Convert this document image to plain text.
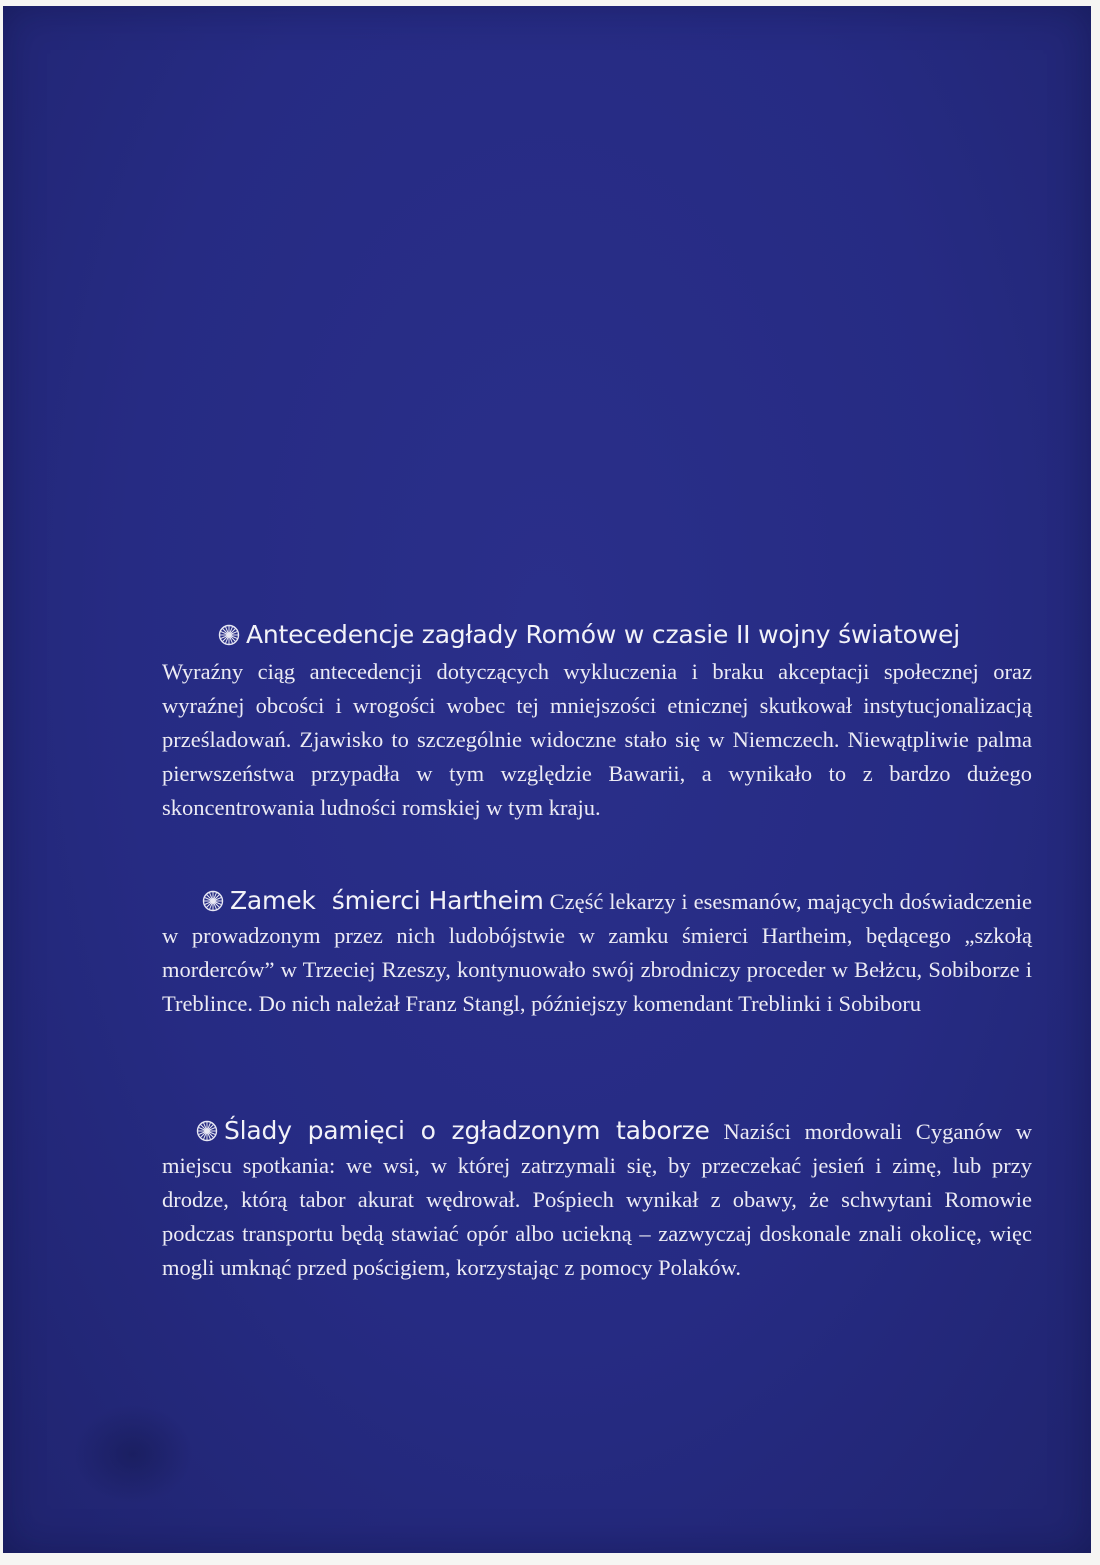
Antecedencje zagłady Romów w czasie II wojny światowej
Wyraźny ciąg antecedencji dotyczących wykluczenia i braku akceptacji społecznej oraz wyraźnej obcości i wrogości wobec tej mniejszości etnicznej skutkował instytucjonalizacją prześladowań. Zjawisko to szczególnie widoczne stało się w Niemczech. Niewątpliwie palma pierwszeństwa przypadła w tym względzie Bawarii, a wynikało to z bardzo dużego skoncentrowania ludności romskiej w tym kraju.
Zamek  śmierci Hartheim Część lekarzy i esesmanów, mających doświadczenie w prowadzonym przez nich ludobójstwie w zamku śmierci Hartheim, będącego „szkołą morderców” w Trzeciej Rzeszy, kontynuowało swój zbrodniczy proceder w Bełżcu, Sobiborze i Treblince. Do nich należał Franz Stangl, późniejszy komendant Treblinki i Sobiboru
Ślady pamięci o zgładzonym taborze Naziści mordowali Cyganów w miejscu spotkania: we wsi, w której zatrzymali się, by przeczekać jesień i zimę, lub przy drodze, którą tabor akurat wędrował. Pośpiech wynikał z obawy, że schwytani Romowie podczas transportu będą stawiać opór albo uciekną – zazwyczaj doskonale znali okolicę, więc mogli umknąć przed pościgiem, korzystając z pomocy Polaków.
